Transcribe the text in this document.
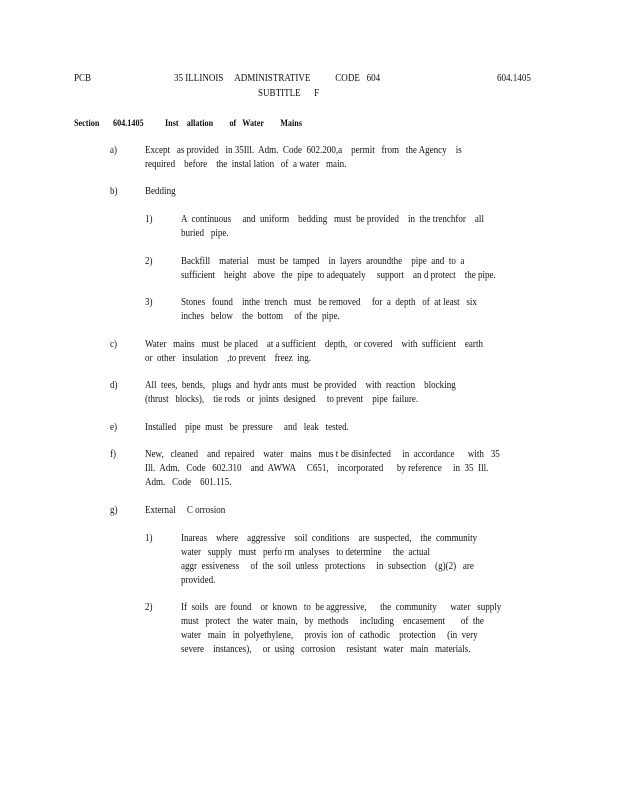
PCB	35 ILLINOIS     ADMINISTRATIVE           CODE   604
SUBTITLE      F
604.1405
Section 604.1405 Inst    allation        of   Water        Mains
a)	Except   as provided   in 35Ill.  Adm.  Code  602.200,a    permit   from   the Agency    is
required    before    the  instal lation   of  a water   main.
b)	Bedding
1)	A  continuous     and  uniform    bedding   must  be provided    in  the trenchfor    all
buried   pipe.
2)	Backfill    material    must  be  tamped    in  layers  aroundthe    pipe  and  to  a
sufficient    height   above   the  pipe  to adequately     support    an d protect    the pipe.
3)	Stones   found    inthe  trench   must   be removed     for  a  depth   of  at least   six
inches   below    the  bottom     of  the  pipe.
c)	Water   mains   must  be placed    at a sufficient    depth,   or covered    with  sufficient    earth
or  other   insulation    ,to prevent    freez  ing.
d)	All  tees,  bends,   plugs  and  hydr ants  must  be provided    with  reaction    blocking
(thrust   blocks),    tie rods   or  joints  designed     to prevent    pipe  failure.
e)	Installed    pipe  must   be  pressure     and   leak   tested.
f)	New,   cleaned    and  repaired    water   mains   mus t be disinfected     in  accordance      with   35
Ill.  Adm.   Code   602.310    and  AWWA     C651,    incorporated      by reference     in  35  Ill.
Adm.   Code    601.115.
g)	External     C orrosion
1)	Inareas    where    aggressive    soil  conditions    are  suspected,    the  community
water   supply   must   perfo rm  analyses   to determine     the  actual
aggr  essiveness     of  the  soil  unless   protections     in  subsection    (g)(2)   are
provided.
2)	If  soils   are  found    or  known   to  be aggressive,      the  community      water   supply
must   protect   the  water  main,   by  methods     including    encasement       of  the
water   main   in  polyethylene,     provis  ion  of  cathodic    protection     (in  very
severe    instances),     or  using   corrosion     resistant   water   main   materials.
